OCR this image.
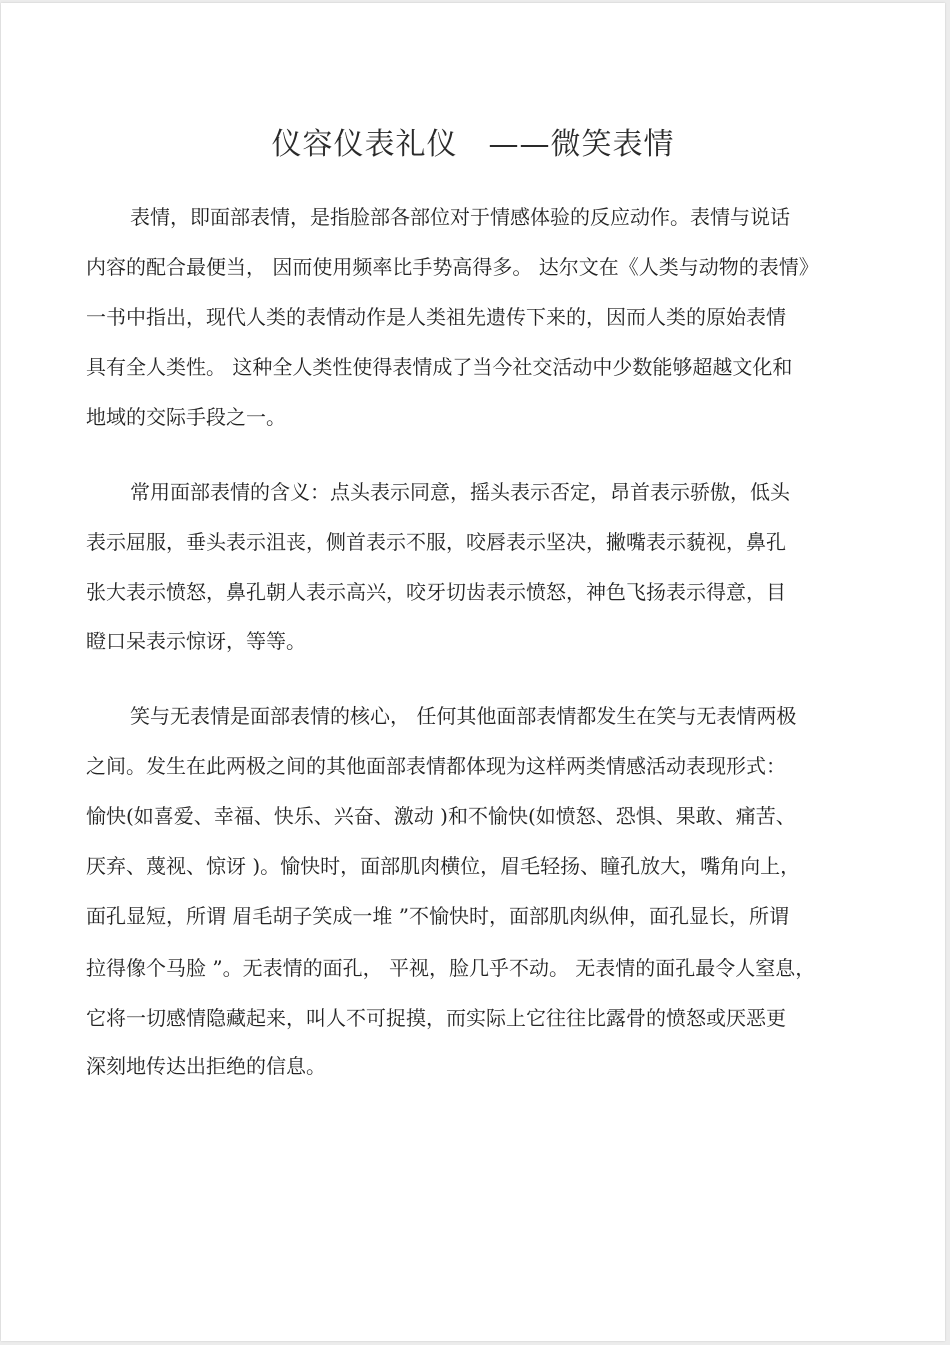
仪容仪表礼仪　——微笑表情
表情，即面部表情，是指脸部各部位对于情感体验的反应动作。表情与说话
内容的配合最便当， 因而使用频率比手势高得多。 达尔文在《人类与动物的表情》
一书中指出，现代人类的表情动作是人类祖先遗传下来的，因而人类的原始表情
具有全人类性。 这种全人类性使得表情成了当今社交活动中少数能够超越文化和
地域的交际手段之一。
常用面部表情的含义：点头表示同意，摇头表示否定，昂首表示骄傲，低头
表示屈服，垂头表示沮丧，侧首表示不服，咬唇表示坚决，撇嘴表示藐视，鼻孔
张大表示愤怒，鼻孔朝人表示高兴，咬牙切齿表示愤怒，神色飞扬表示得意，目
瞪口呆表示惊讶，等等。
笑与无表情是面部表情的核心， 任何其他面部表情都发生在笑与无表情两极
之间。发生在此两极之间的其他面部表情都体现为这样两类情感活动表现形式：
愉快(如喜爱、幸福、快乐、兴奋、激动 )和不愉快(如愤怒、恐惧、果敢、痛苦、
厌弃、蔑视、惊讶 )。愉快时，面部肌肉横位，眉毛轻扬、瞳孔放大，嘴角向上，
面孔显短，所谓 眉毛胡子笑成一堆 ”不愉快时，面部肌肉纵伸，面孔显长，所谓
拉得像个马脸 ”。无表情的面孔， 平视，脸几乎不动。 无表情的面孔最令人窒息，
它将一切感情隐藏起来，叫人不可捉摸，而实际上它往往比露骨的愤怒或厌恶更
深刻地传达出拒绝的信息。
